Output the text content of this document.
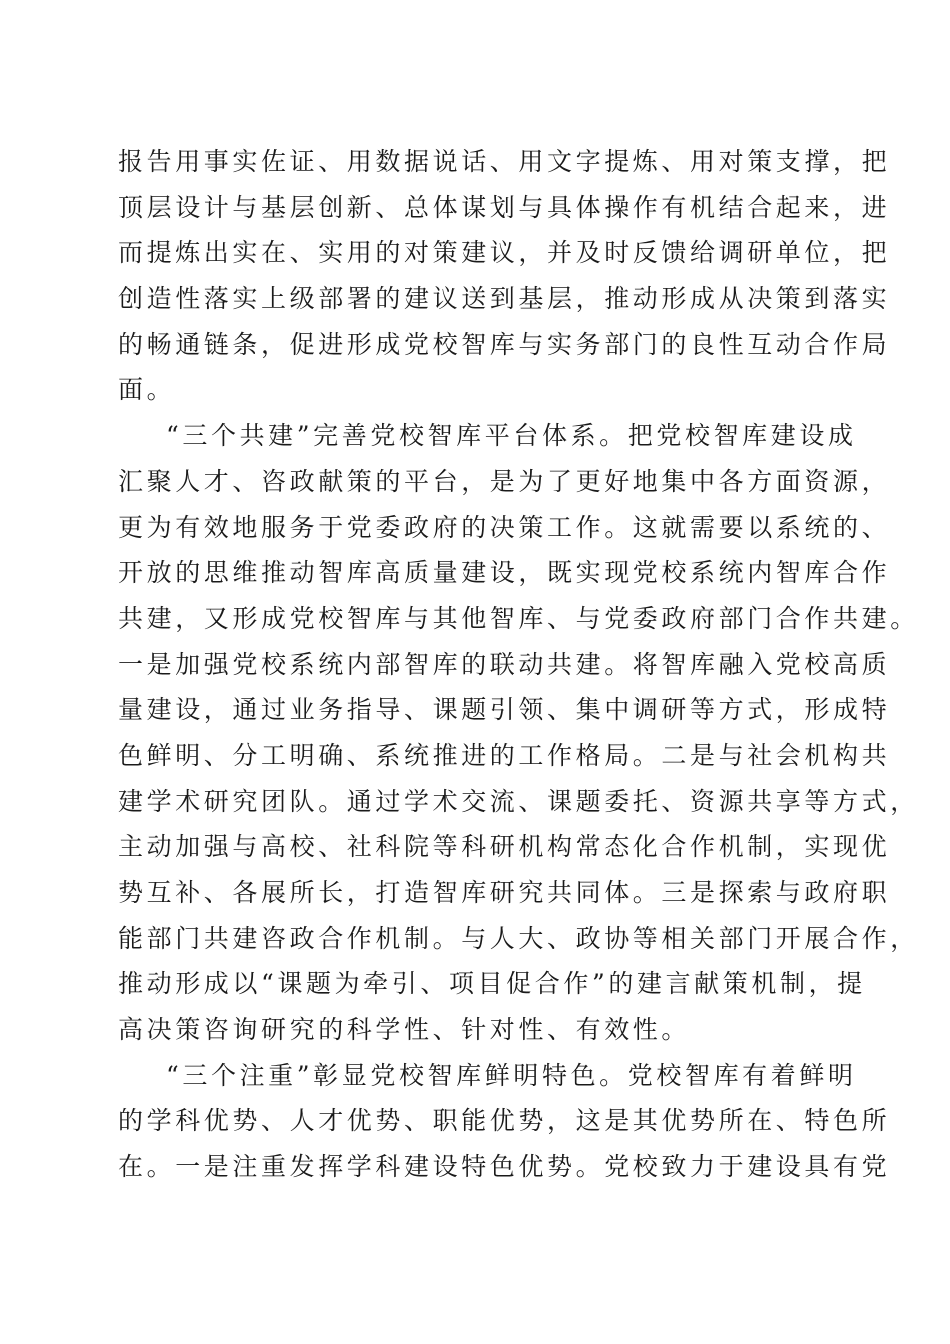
报告用事实佐证、用数据说话、用文字提炼、用对策支撑，把
顶层设计与基层创新、总体谋划与具体操作有机结合起来，进
而提炼出实在、实用的对策建议，并及时反馈给调研单位，把
创造性落实上级部署的建议送到基层，推动形成从决策到落实
的畅通链条，促进形成党校智库与实务部门的良性互动合作局
面。
“三个共建”完善党校智库平台体系。把党校智库建设成
汇聚人才、咨政献策的平台，是为了更好地集中各方面资源，
更为有效地服务于党委政府的决策工作。这就需要以系统的、
开放的思维推动智库高质量建设，既实现党校系统内智库合作
共建，又形成党校智库与其他智库、与党委政府部门合作共建。
一是加强党校系统内部智库的联动共建。将智库融入党校高质
量建设，通过业务指导、课题引领、集中调研等方式，形成特
色鲜明、分工明确、系统推进的工作格局。二是与社会机构共
建学术研究团队。通过学术交流、课题委托、资源共享等方式，
主动加强与高校、社科院等科研机构常态化合作机制，实现优
势互补、各展所长，打造智库研究共同体。三是探索与政府职
能部门共建咨政合作机制。与人大、政协等相关部门开展合作，
推动形成以“课题为牵引、项目促合作”的建言献策机制，提
高决策咨询研究的科学性、针对性、有效性。
“三个注重”彰显党校智库鲜明特色。党校智库有着鲜明
的学科优势、人才优势、职能优势，这是其优势所在、特色所
在。一是注重发挥学科建设特色优势。党校致力于建设具有党
